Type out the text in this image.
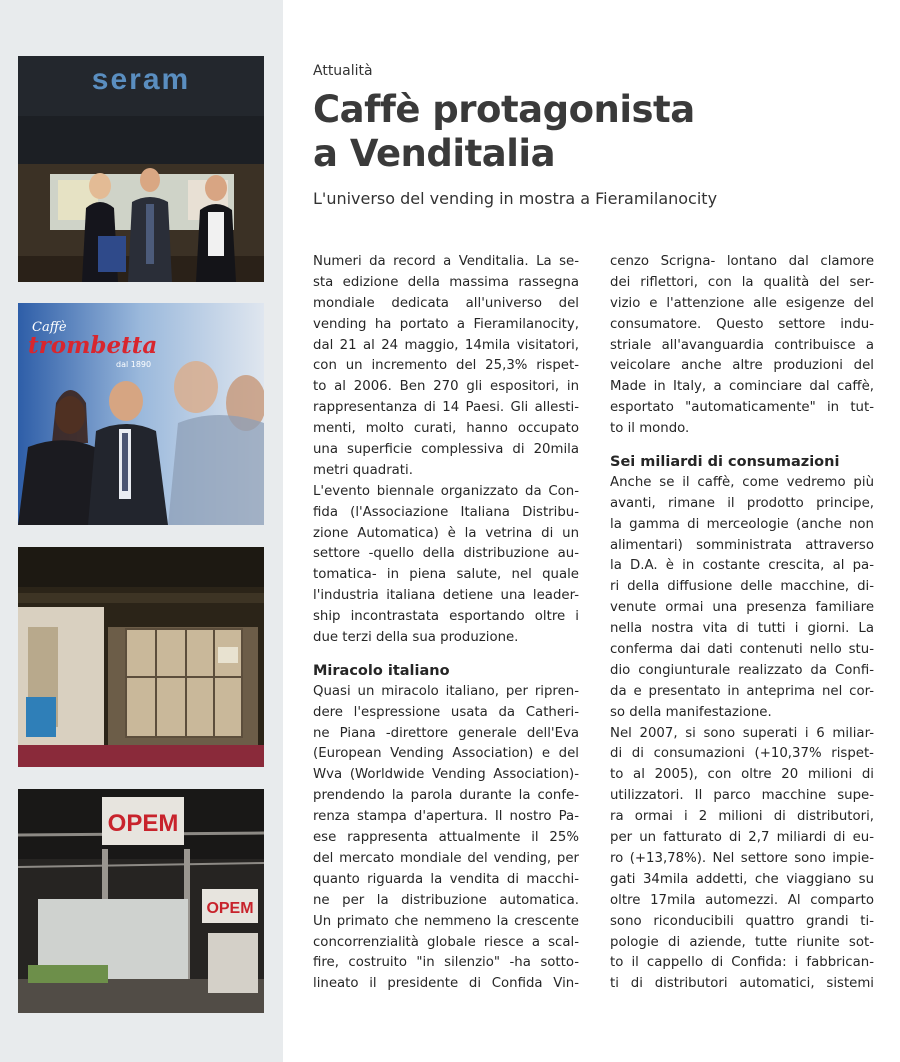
seram
Caffè
trombetta
dal 1890
OPEM
OPEM
Attualità
Caffè protagonista
a Venditalia
L'universo del vending in mostra a Fieramilanocity
Numeri da record a Venditalia. La se-
sta edizione della massima rassegna
mondiale dedicata all'universo del
vending ha portato a Fieramilanocity,
dal 21 al 24 maggio, 14mila visitatori,
con un incremento del 25,3% rispet-
to al 2006. Ben 270 gli espositori, in
rappresentanza di 14 Paesi. Gli allesti-
menti, molto curati, hanno occupato
una superficie complessiva di 20mila
metri quadrati.
L'evento biennale organizzato da Con-
fida (l'Associazione Italiana Distribu-
zione Automatica) è la vetrina di un
settore -quello della distribuzione au-
tomatica- in piena salute, nel quale
l'industria italiana detiene una leader-
ship incontrastata esportando oltre i
due terzi della sua produzione.
Miracolo italiano
Quasi un miracolo italiano, per ripren-
dere l'espressione usata da Catheri-
ne Piana -direttore generale dell'Eva
(European Vending Association) e del
Wva (Worldwide Vending Association)-
prendendo la parola durante la confe-
renza stampa d'apertura. Il nostro Pa-
ese rappresenta attualmente il 25%
del mercato mondiale del vending, per
quanto riguarda la vendita di macchi-
ne per la distribuzione automatica.
Un primato che nemmeno la crescente
concorrenzialità globale riesce a scal-
fire, costruito "in silenzio" -ha sotto-
lineato il presidente di Confida Vin-
cenzo Scrigna- lontano dal clamore
dei riflettori, con la qualità del ser-
vizio e l'attenzione alle esigenze del
consumatore. Questo settore indu-
striale all'avanguardia contribuisce a
veicolare anche altre produzioni del
Made in Italy, a cominciare dal caffè,
esportato "automaticamente" in tut-
to il mondo.
Sei miliardi di consumazioni
Anche se il caffè, come vedremo più
avanti, rimane il prodotto principe,
la gamma di merceologie (anche non
alimentari) somministrata attraverso
la D.A. è in costante crescita, al pa-
ri della diffusione delle macchine, di-
venute ormai una presenza familiare
nella nostra vita di tutti i giorni. La
conferma dai dati contenuti nello stu-
dio congiunturale realizzato da Confi-
da e presentato in anteprima nel cor-
so della manifestazione.
Nel 2007, si sono superati i 6 miliar-
di di consumazioni (+10,37% rispet-
to al 2005), con oltre 20 milioni di
utilizzatori. Il parco macchine supe-
ra ormai i 2 milioni di distributori,
per un fatturato di 2,7 miliardi di eu-
ro (+13,78%). Nel settore sono impie-
gati 34mila addetti, che viaggiano su
oltre 17mila automezzi. Al comparto
sono riconducibili quattro grandi ti-
pologie di aziende, tutte riunite sot-
to il cappello di Confida: i fabbrican-
ti di distributori automatici, sistemi
